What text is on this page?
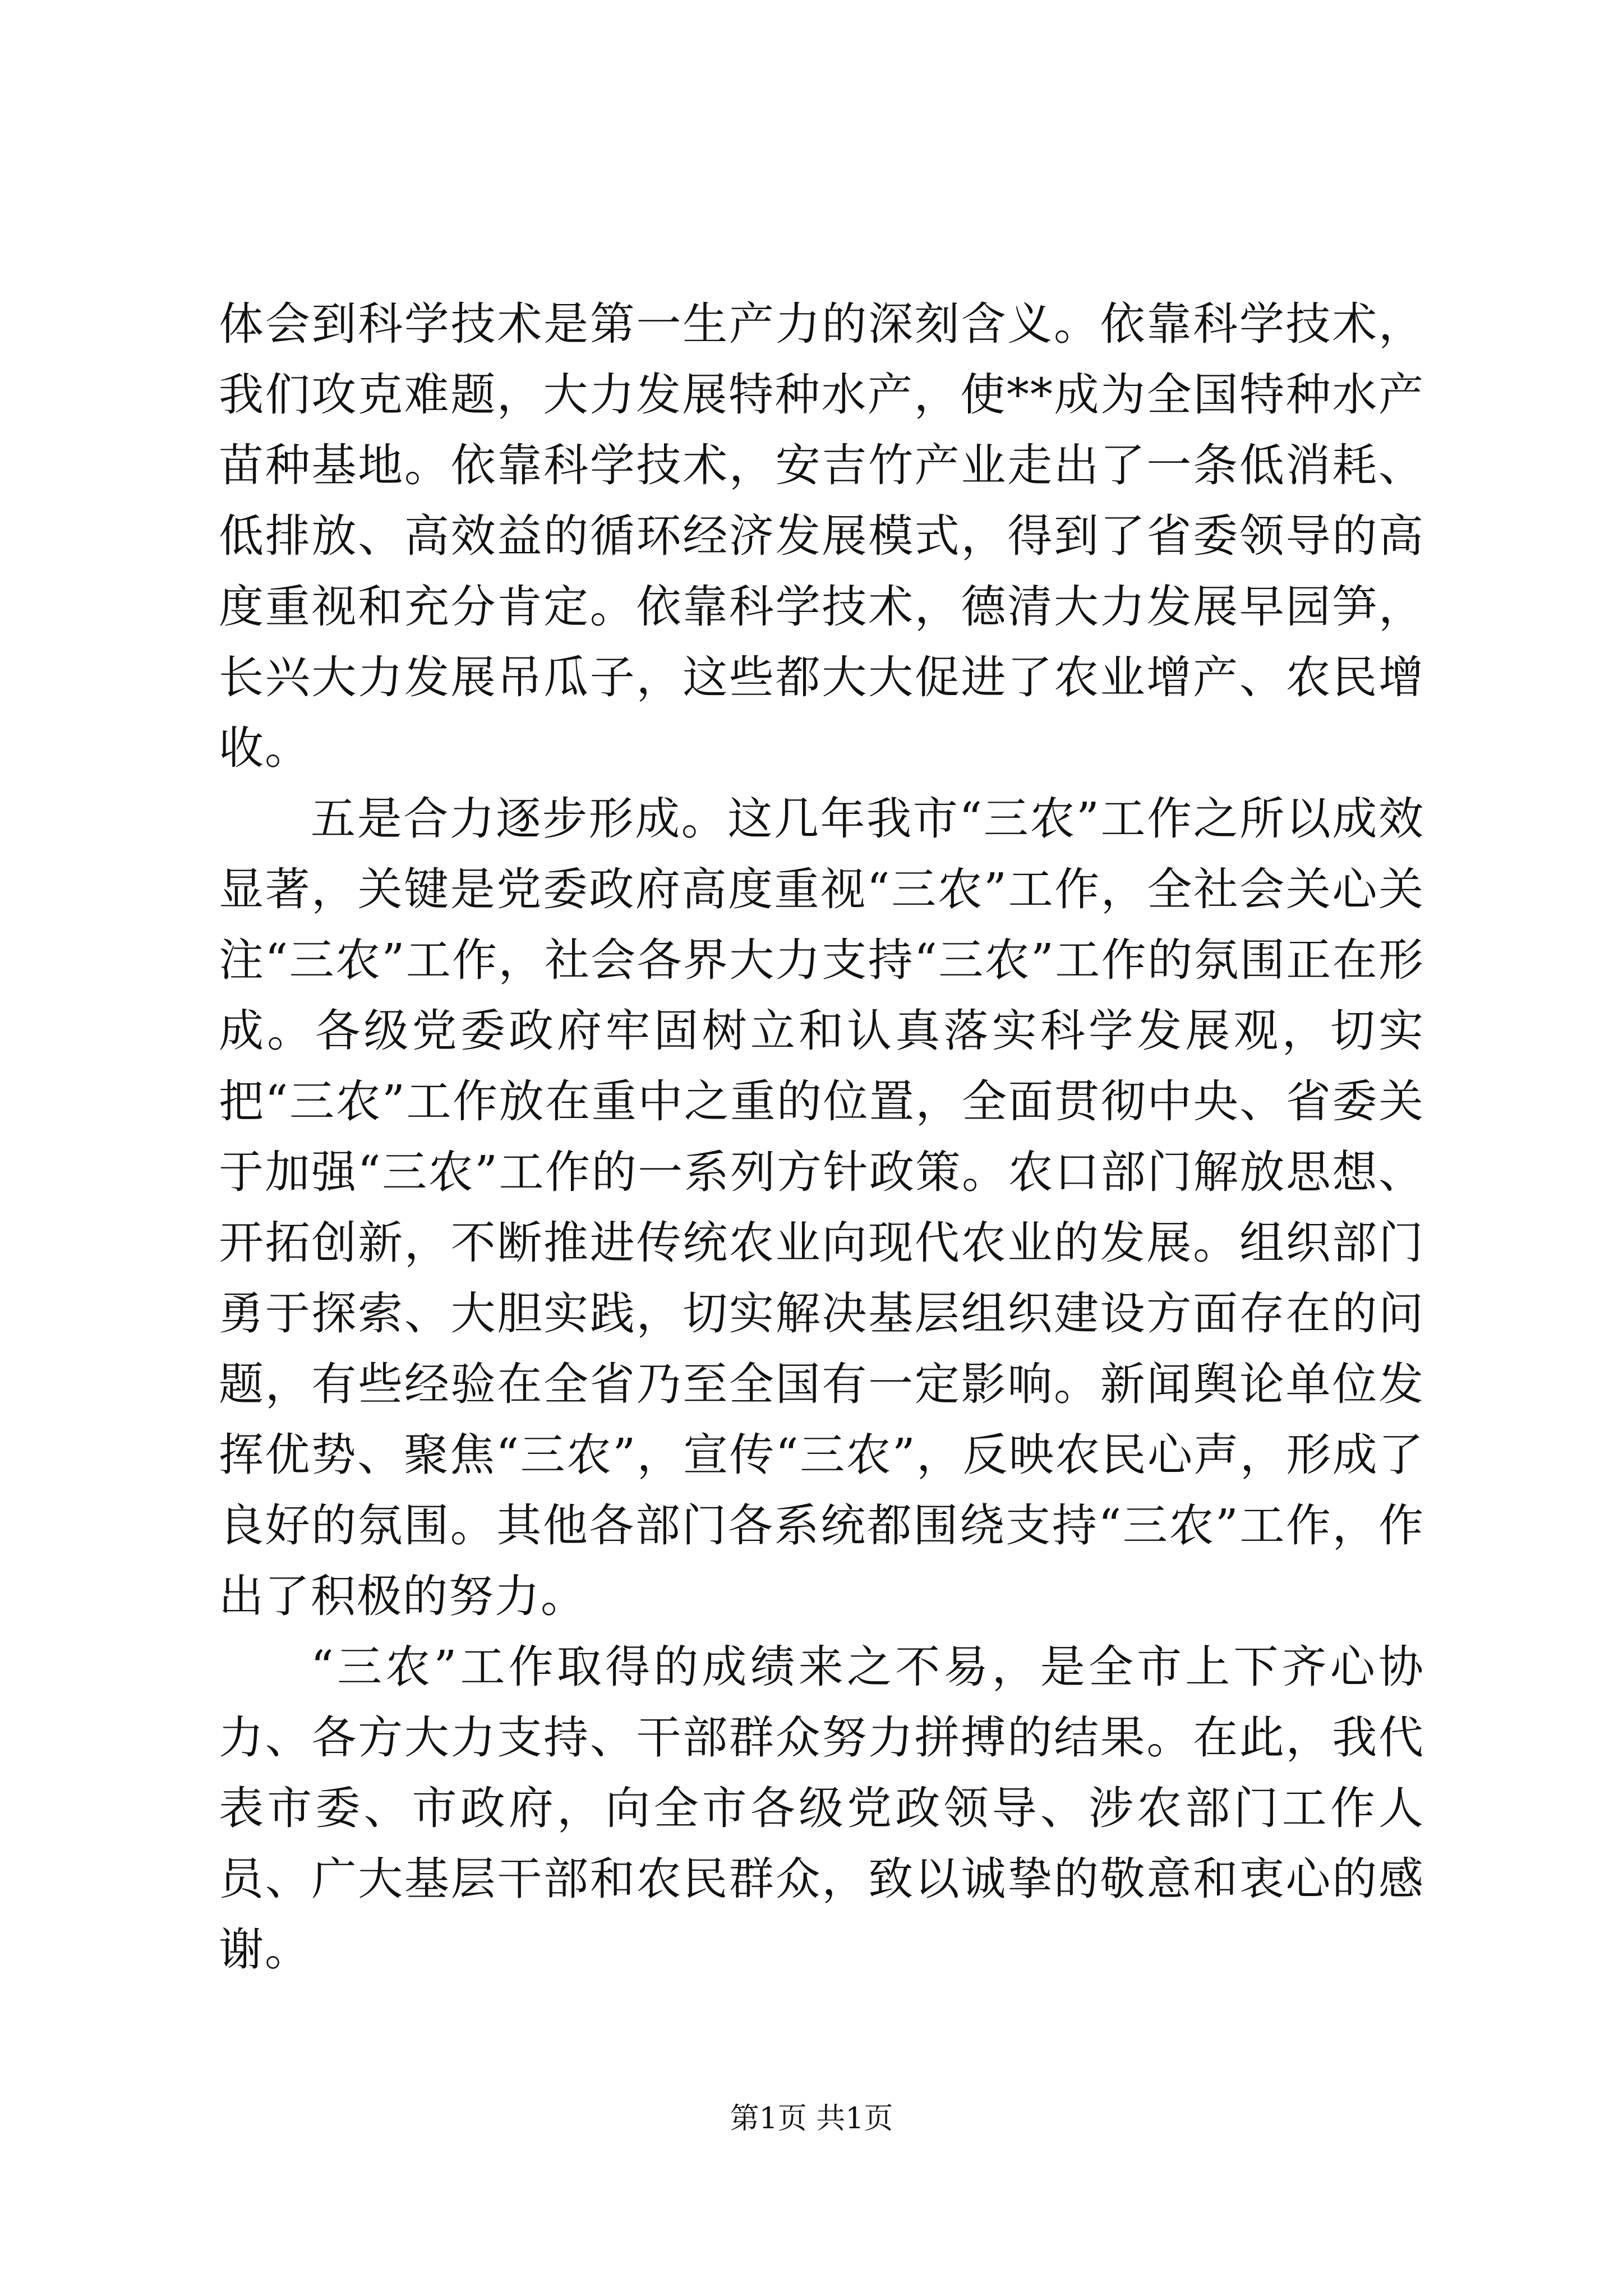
体会到科学技术是第一生产力的深刻含义。依靠科学技术，我们攻克难题，大力发展特种水产，使**成为全国特种水产苗种基地。依靠科学技术，安吉竹产业走出了一条低消耗、低排放、高效益的循环经济发展模式，得到了省委领导的高度重视和充分肯定。依靠科学技术，德清大力发展早园笋，长兴大力发展吊瓜子，这些都大大促进了农业增产、农民增收。

五是合力逐步形成。这几年我市“三农”工作之所以成效显著，关键是党委政府高度重视“三农”工作，全社会关心关注“三农”工作，社会各界大力支持“三农”工作的氛围正在形成。各级党委政府牢固树立和认真落实科学发展观，切实把“三农”工作放在重中之重的位置，全面贯彻中央、省委关于加强“三农”工作的一系列方针政策。农口部门解放思想、开拓创新，不断推进传统农业向现代农业的发展。组织部门勇于探索、大胆实践，切实解决基层组织建设方面存在的问题，有些经验在全省乃至全国有一定影响。新闻舆论单位发挥优势、聚焦“三农”，宣传“三农”，反映农民心声，形成了良好的氛围。其他各部门各系统都围绕支持“三农”工作，作出了积极的努力。

“三农”工作取得的成绩来之不易，是全市上下齐心协力、各方大力支持、干部群众努力拼搏的结果。在此，我代表市委、市政府，向全市各级党政领导、涉农部门工作人员、广大基层干部和农民群众，致以诚挚的敬意和衷心的感谢。

第1页 共1页
